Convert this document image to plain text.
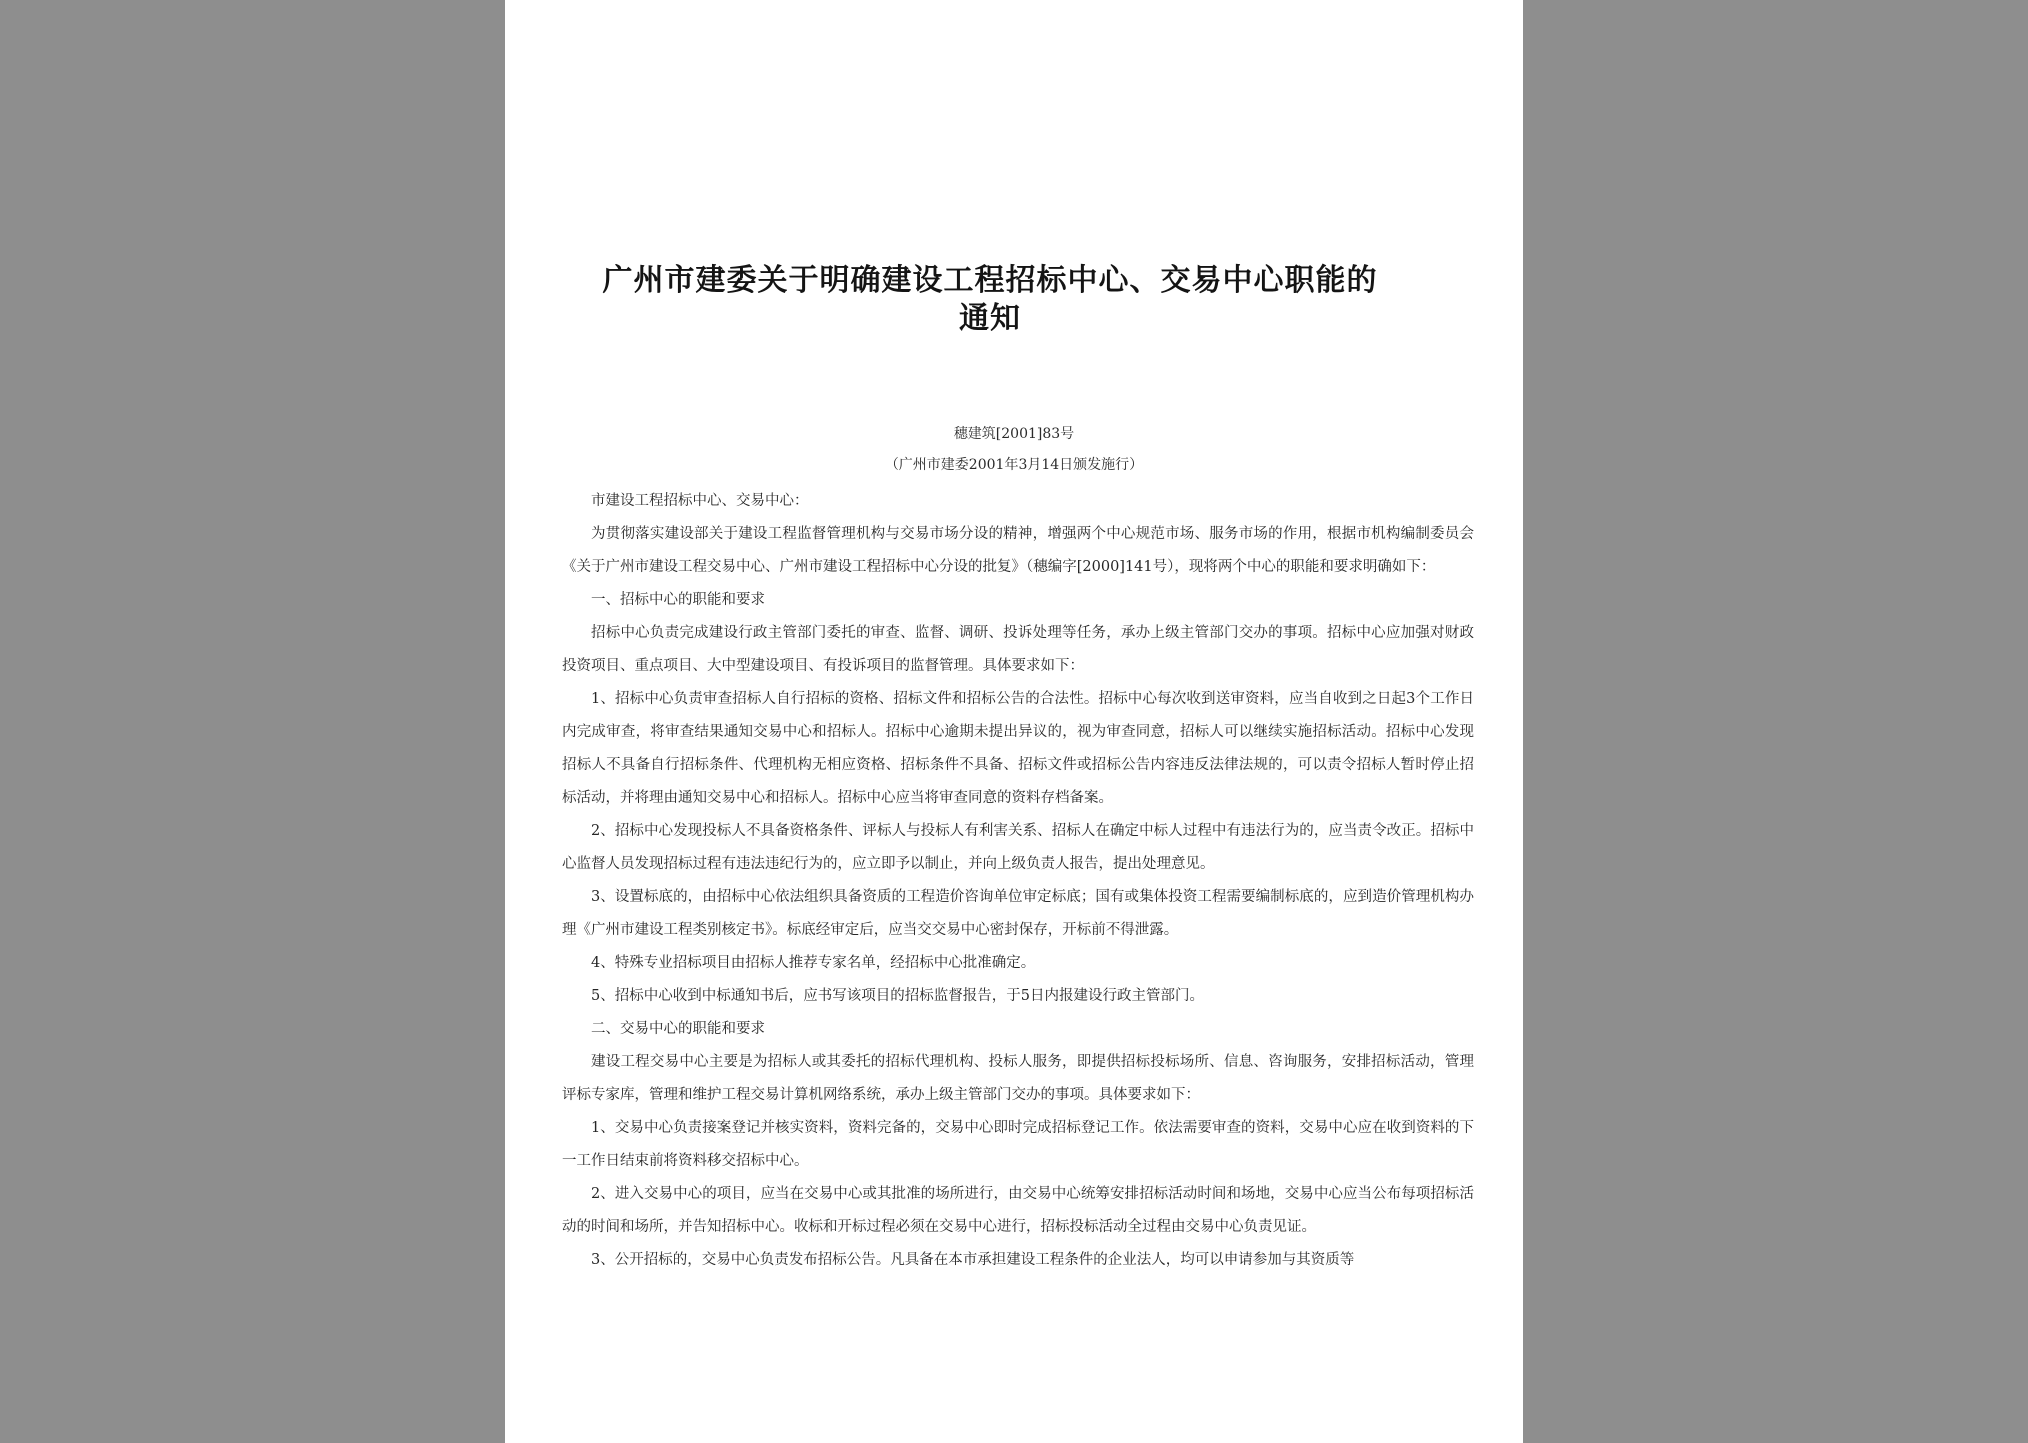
广州市建委关于明确建设工程招标中心、交易中心职能的通知
穗建筑[2001]83号
（广州市建委2001年3月14日颁发施行）

市建设工程招标中心、交易中心：

为贯彻落实建设部关于建设工程监督管理机构与交易市场分设的精神，增强两个中心规范市场、服务市场的作用，根据市机构编制委员会《关于广州市建设工程交易中心、广州市建设工程招标中心分设的批复》（穗编字[2000]141号），现将两个中心的职能和要求明确如下：

一、招标中心的职能和要求

招标中心负责完成建设行政主管部门委托的审查、监督、调研、投诉处理等任务，承办上级主管部门交办的事项。招标中心应加强对财政投资项目、重点项目、大中型建设项目、有投诉项目的监督管理。具体要求如下：

1、招标中心负责审查招标人自行招标的资格、招标文件和招标公告的合法性。招标中心每次收到送审资料，应当自收到之日起3个工作日内完成审查，将审查结果通知交易中心和招标人。招标中心逾期未提出异议的，视为审查同意，招标人可以继续实施招标活动。招标中心发现招标人不具备自行招标条件、代理机构无相应资格、招标条件不具备、招标文件或招标公告内容违反法律法规的，可以责令招标人暂时停止招标活动，并将理由通知交易中心和招标人。招标中心应当将审查同意的资料存档备案。

2、招标中心发现投标人不具备资格条件、评标人与投标人有利害关系、招标人在确定中标人过程中有违法行为的，应当责令改正。招标中心监督人员发现招标过程有违法违纪行为的，应立即予以制止，并向上级负责人报告，提出处理意见。

3、设置标底的，由招标中心依法组织具备资质的工程造价咨询单位审定标底；国有或集体投资工程需要编制标底的，应到造价管理机构办理《广州市建设工程类别核定书》。标底经审定后，应当交交易中心密封保存，开标前不得泄露。

4、特殊专业招标项目由招标人推荐专家名单，经招标中心批准确定。

5、招标中心收到中标通知书后，应书写该项目的招标监督报告，于5日内报建设行政主管部门。

二、交易中心的职能和要求

建设工程交易中心主要是为招标人或其委托的招标代理机构、投标人服务，即提供招标投标场所、信息、咨询服务，安排招标活动，管理评标专家库，管理和维护工程交易计算机网络系统，承办上级主管部门交办的事项。具体要求如下：

1、交易中心负责接案登记并核实资料，资料完备的，交易中心即时完成招标登记工作。依法需要审查的资料，交易中心应在收到资料的下一工作日结束前将资料移交招标中心。

2、进入交易中心的项目，应当在交易中心或其批准的场所进行，由交易中心统筹安排招标活动时间和场地，交易中心应当公布每项招标活动的时间和场所，并告知招标中心。收标和开标过程必须在交易中心进行，招标投标活动全过程由交易中心负责见证。

3、公开招标的，交易中心负责发布招标公告。凡具备在本市承担建设工程条件的企业法人，均可以申请参加与其资质等
